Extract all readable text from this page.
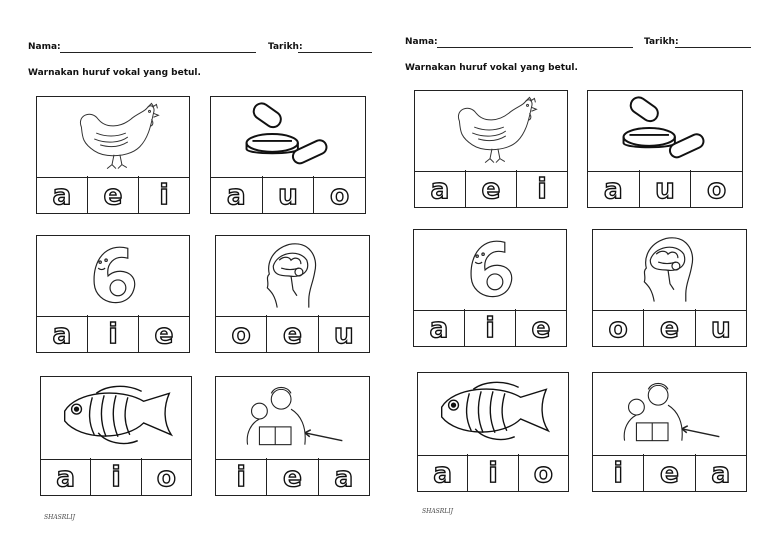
Nama:	Tarikh:
Warnakan huruf vokal yang betul.
a	e	i	a	u	o
a	i	e	o	e	u
a	i	o	i	e	a
SHASRLIJ
Nama:	Tarikh:
Warnakan huruf vokal yang betul.
a	e	i	a	u	o
a	i	e	o	e	u
a	i	o	i	e	a
SHASRLIJ
